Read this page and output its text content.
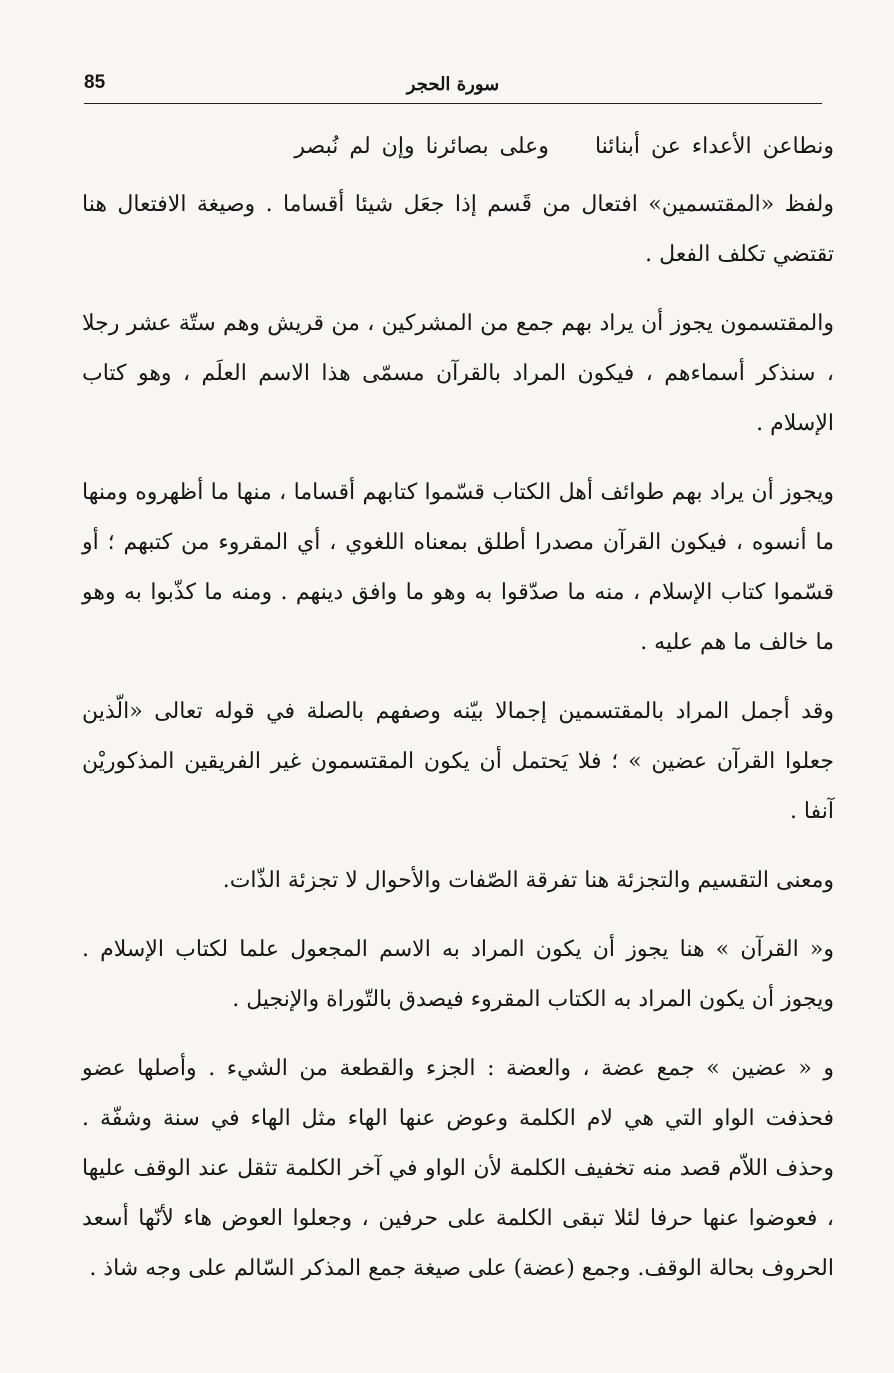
85	سورة الحجر
ونطاعن الأعداء عن أبنائناوعلى بصائرنا وإن لم نُبصر

ولفظ «المقتسمين» افتعال من قَسم إذا جعَل شيئا أقساما . وصيغة الافتعال هنا تقتضي تكلف الفعل .

والمقتسمون يجوز أن يراد بهم جمع من المشركين ، من قريش وهم ستّة عشر رجلا ، سنذكر أسماءهم ، فيكون المراد بالقرآن مسمّى هذا الاسم العلَم ، وهو كتاب الإسلام .

ويجوز أن يراد بهم طوائف أهل الكتاب قسّموا كتابهم أقساما ، منها ما أظهروه ومنها ما أنسوه ، فيكون القرآن مصدرا أطلق بمعناه اللغوي ، أي المقروء من كتبهم ؛ أو قسّموا كتاب الإسلام ، منه ما صدّقوا به وهو ما وافق دينهم . ومنه ما كذّبوا به وهو ما خالف ما هم عليه .

وقد أجمل المراد بالمقتسمين إجمالا بيّنه وصفهم بالصلة في قوله تعالى «الّذين جعلوا القرآن عضين » ؛ فلا يَحتمل أن يكون المقتسمون غير الفريقين المذكوريْن آنفا .

ومعنى التقسيم والتجزئة هنا تفرقة الصّفات والأحوال لا تجزئة الذّات.

و« القرآن » هنا يجوز أن يكون المراد به الاسم المجعول علما لكتاب الإسلام . ويجوز أن يكون المراد به الكتاب المقروء فيصدق بالتّوراة والإنجيل .

و « عضين » جمع عضة ، والعضة : الجزء والقطعة من الشيء . وأصلها عضو فحذفت الواو التي هي لام الكلمة وعوض عنها الهاء مثل الهاء في سنة وشفّة . وحذف اللاّم قصد منه تخفيف الكلمة لأن الواو في آخر الكلمة تثقل عند الوقف عليها ، فعوضوا عنها حرفا لئلا تبقى الكلمة على حرفين ، وجعلوا العوض هاء لأنّها أسعد الحروف بحالة الوقف. وجمع (عضة) على صيغة جمع المذكر السّالم على وجه شاذ .
